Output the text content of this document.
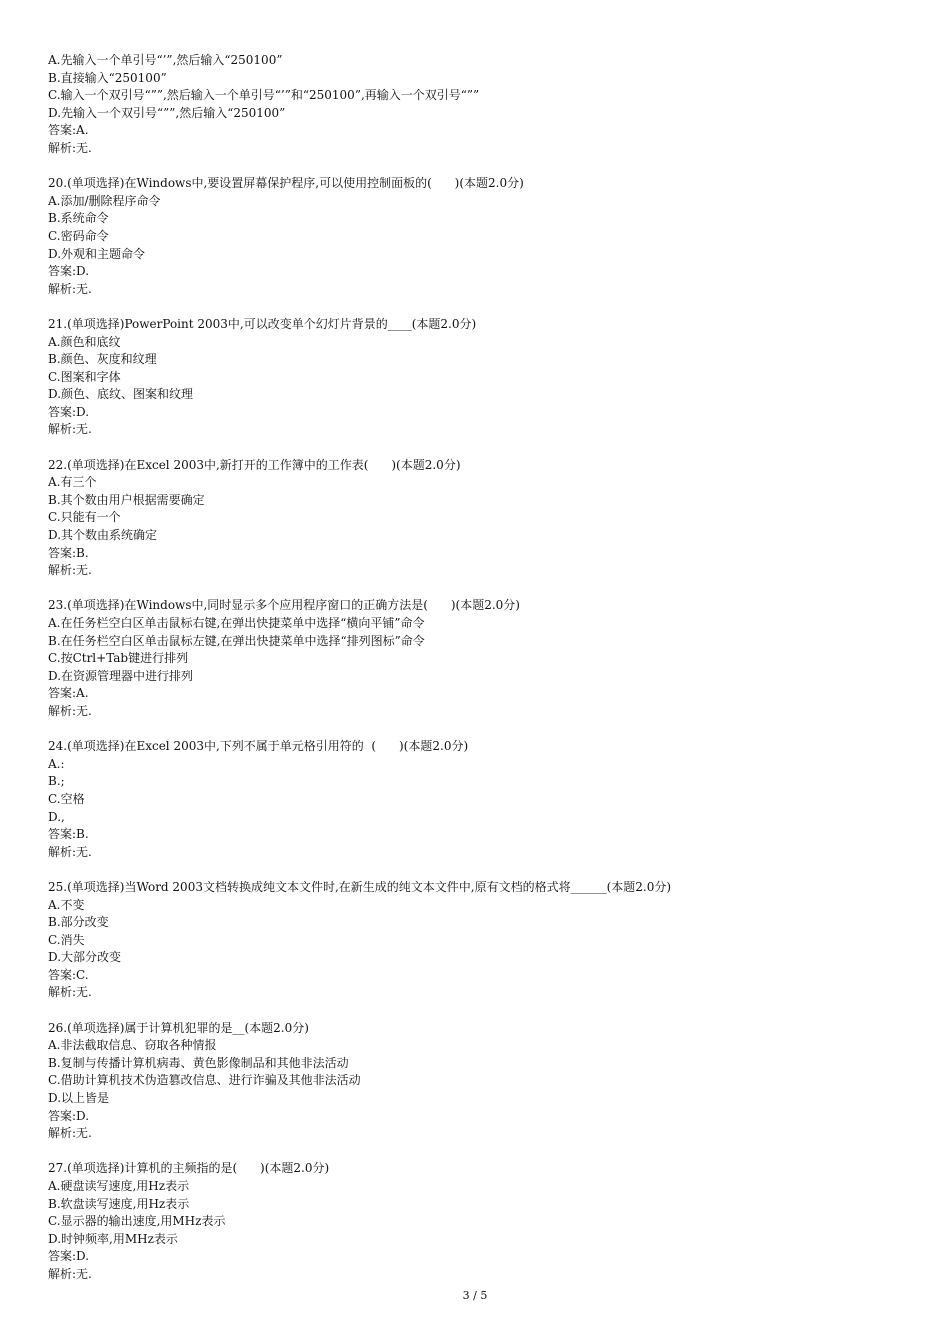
A.先输入一个单引号“’”,然后输入“250100”
B.直接输入“250100”
C.输入一个双引号“””,然后输入一个单引号“’”和“250100”,再输入一个双引号“””
D.先输入一个双引号“””,然后输入“250100”
答案:A.
解析:无.
20.(单项选择)在Windows中,要设置屏幕保护程序,可以使用控制面板的(      )(本题2.0分)
A.添加/删除程序命令
B.系统命令
C.密码命令
D.外观和主题命令
答案:D.
解析:无.
21.(单项选择)PowerPoint 2003中,可以改变单个幻灯片背景的____(本题2.0分)
A.颜色和底纹
B.颜色、灰度和纹理
C.图案和字体
D.颜色、底纹、图案和纹理
答案:D.
解析:无.
22.(单项选择)在Excel 2003中,新打开的工作簿中的工作表(      )(本题2.0分)
A.有三个
B.其个数由用户根据需要确定
C.只能有一个
D.其个数由系统确定
答案:B.
解析:无.
23.(单项选择)在Windows中,同时显示多个应用程序窗口的正确方法是(      )(本题2.0分)
A.在任务栏空白区单击鼠标右键,在弹出快捷菜单中选择“横向平铺”命令
B.在任务栏空白区单击鼠标左键,在弹出快捷菜单中选择“排列图标”命令
C.按Ctrl+Tab键进行排列
D.在资源管理器中进行排列
答案:A.
解析:无.
24.(单项选择)在Excel 2003中,下列不属于单元格引用符的  (      )(本题2.0分)
A.:
B.;
C.空格
D.,
答案:B.
解析:无.
25.(单项选择)当Word 2003文档转换成纯文本文件时,在新生成的纯文本文件中,原有文档的格式将______(本题2.0分)
A.不变
B.部分改变
C.消失
D.大部分改变
答案:C.
解析:无.
26.(单项选择)属于计算机犯罪的是__(本题2.0分)
A.非法截取信息、窃取各种情报
B.复制与传播计算机病毒、黄色影像制品和其他非法活动
C.借助计算机技术伪造篡改信息、进行诈骗及其他非法活动
D.以上皆是
答案:D.
解析:无.
27.(单项选择)计算机的主频指的是(      )(本题2.0分)
A.硬盘读写速度,用Hz表示
B.软盘读写速度,用Hz表示
C.显示器的输出速度,用MHz表示
D.时钟频率,用MHz表示
答案:D.
解析:无.
3 / 5
